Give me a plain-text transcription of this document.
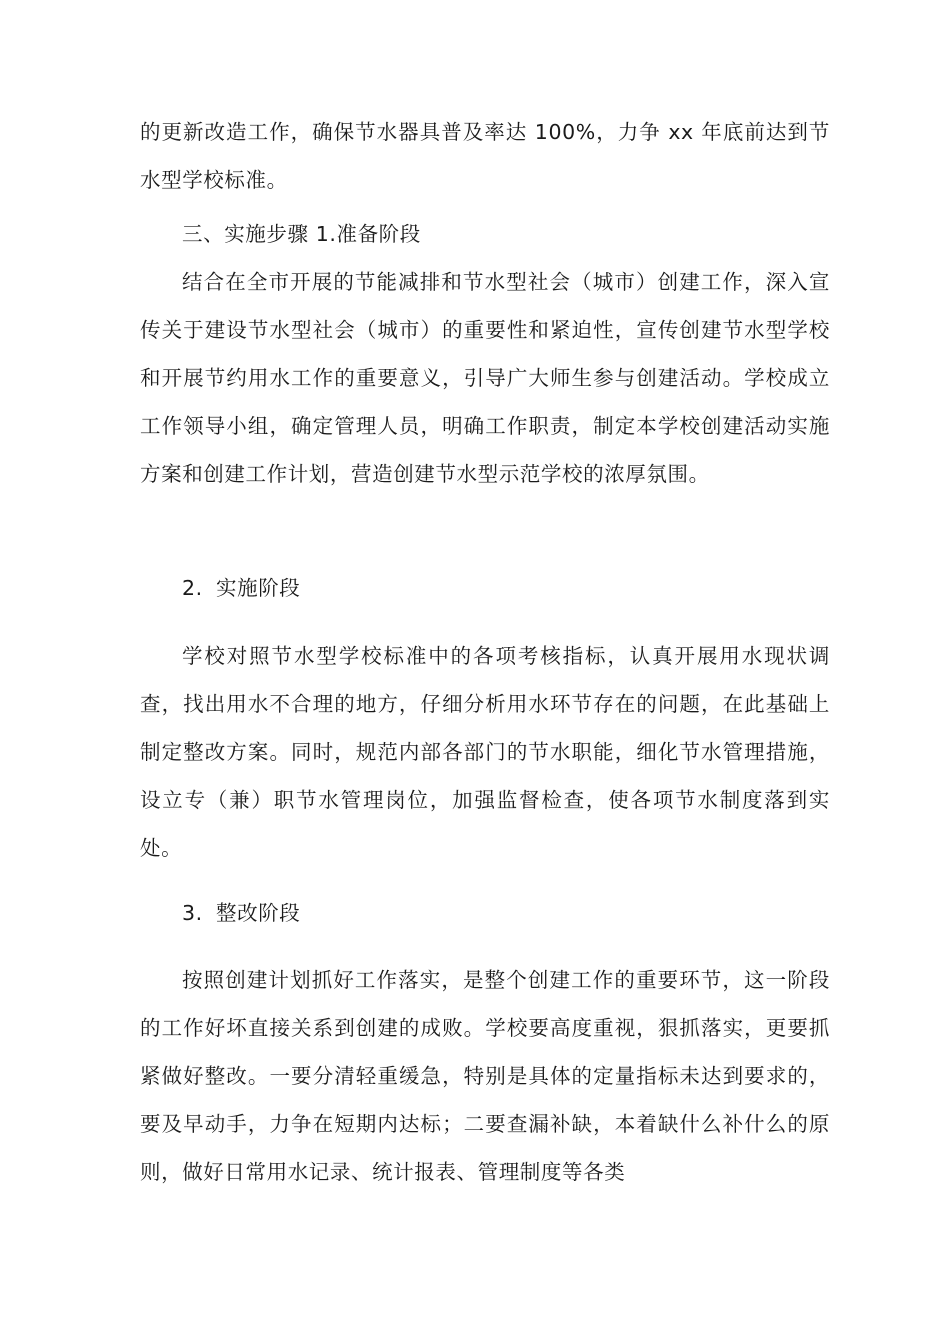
的更新改造工作，确保节水器具普及率达 100%，力争 xx 年底前达到节水型学校标准。

三、实施步骤 1.准备阶段

结合在全市开展的节能减排和节水型社会（城市）创建工作，深入宣传关于建设节水型社会（城市）的重要性和紧迫性，宣传创建节水型学校和开展节约用水工作的重要意义，引导广大师生参与创建活动。学校成立工作领导小组，确定管理人员，明确工作职责，制定本学校创建活动实施方案和创建工作计划，营造创建节水型示范学校的浓厚氛围。

2. 实施阶段

学校对照节水型学校标准中的各项考核指标，认真开展用水现状调查，找出用水不合理的地方，仔细分析用水环节存在的问题，在此基础上制定整改方案。同时，规范内部各部门的节水职能，细化节水管理措施，设立专（兼）职节水管理岗位，加强监督检查，使各项节水制度落到实处。

3. 整改阶段

按照创建计划抓好工作落实，是整个创建工作的重要环节，这一阶段的工作好坏直接关系到创建的成败。学校要高度重视，狠抓落实，更要抓紧做好整改。一要分清轻重缓急，特别是具体的定量指标未达到要求的，要及早动手，力争在短期内达标；二要查漏补缺，本着缺什么补什么的原则，做好日常用水记录、统计报表、管理制度等各类
